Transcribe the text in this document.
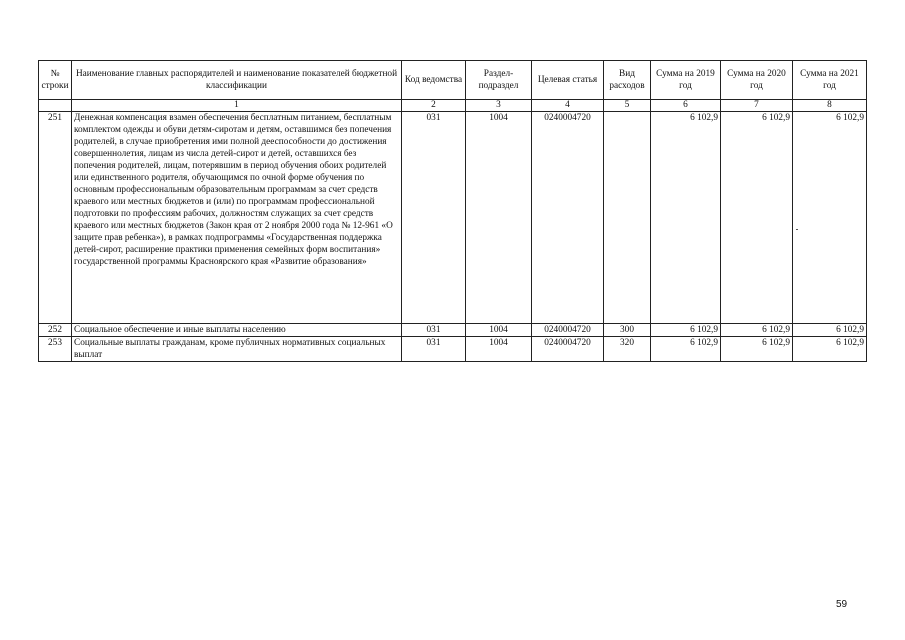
№ строки	Наименование главных распорядителей и наименование показателей бюджетной классификации	Код ведомства	Раздел-подраздел	Целевая статья	Вид расходов	Сумма на 2019 год	Сумма на 2020 год	Сумма на 2021 год
	1	2	3	4	5	6	7	8
251	Денежная компенсация взамен обеспечения бесплатным питанием, бесплатным комплектом одежды и обуви детям-сиротам и детям, оставшимся без попечения родителей, в случае приобретения ими полной дееспособности до достижения совершеннолетия, лицам из числа детей-сирот и детей, оставшихся без попечения родителей, лицам, потерявшим в период обучения обоих родителей или единственного родителя, обучающимся по очной форме обучения по основным профессиональным образовательным программам за счет средств краевого или местных бюджетов и (или) по программам профессиональной подготовки по профессиям рабочих, должностям служащих за счет средств краевого или местных бюджетов (Закон края от 2 ноября 2000 года № 12-961 «О защите прав ребенка»), в рамках подпрограммы «Государственная поддержка детей-сирот, расширение практики применения семейных форм воспитания» государственной программы Красноярского края «Развитие образования»	031	1004	0240004720		6 102,9	6 102,9	6 102,9
252	Социальное обеспечение и иные выплаты населению	031	1004	0240004720	300	6 102,9	6 102,9	6 102,9
253	Социальные выплаты гражданам, кроме публичных нормативных социальных выплат	031	1004	0240004720	320	6 102,9	6 102,9	6 102,9
59
